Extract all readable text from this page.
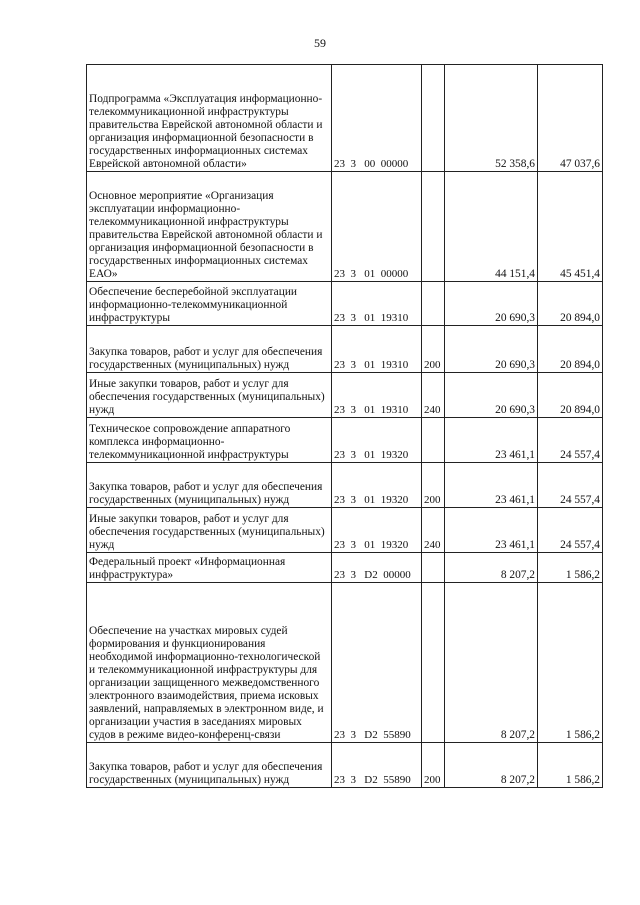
59
Подпрограмма «Эксплуатация информационно-телекоммуникационной инфраструктуры правительства Еврейской автономной области и организация информационной безопасности в государственных информационных системах Еврейской автономной области»	23  3   00  00000		52 358,6	47 037,6
Основное мероприятие «Организация эксплуатации информационно-телекоммуникационной инфраструктуры правительства Еврейской автономной области и организация информационной безопасности в государственных информационных системах ЕАО»	23  3   01  00000		44 151,4	45 451,4
Обеспечение бесперебойной эксплуатации информационно-телекоммуникационной инфраструктуры	23  3   01  19310		20 690,3	20 894,0
Закупка товаров, работ и услуг для обеспечения государственных (муниципальных) нужд	23  3   01  19310	200	20 690,3	20 894,0
Иные закупки товаров, работ и услуг для обеспечения государственных (муниципальных) нужд	23  3   01  19310	240	20 690,3	20 894,0
Техническое сопровождение аппаратного комплекса информационно-телекоммуникационной инфраструктуры	23  3   01  19320		23 461,1	24 557,4
Закупка товаров, работ и услуг для обеспечения государственных (муниципальных) нужд	23  3   01  19320	200	23 461,1	24 557,4
Иные закупки товаров, работ и услуг для обеспечения государственных (муниципальных) нужд	23  3   01  19320	240	23 461,1	24 557,4
Федеральный проект «Информационная инфраструктура»	23  3   D2  00000		8 207,2	1 586,2
Обеспечение на участках мировых судей формирования и функционирования необходимой информационно-технологической и телекоммуникационной инфраструктуры для организации защищенного межведомственного электронного взаимодействия, приема исковых заявлений, направляемых в электронном виде, и организации участия в заседаниях мировых судов в режиме видео-конференц-связи	23  3   D2  55890		8 207,2	1 586,2
Закупка товаров, работ и услуг для обеспечения государственных (муниципальных) нужд	23  3   D2  55890	200	8 207,2	1 586,2
